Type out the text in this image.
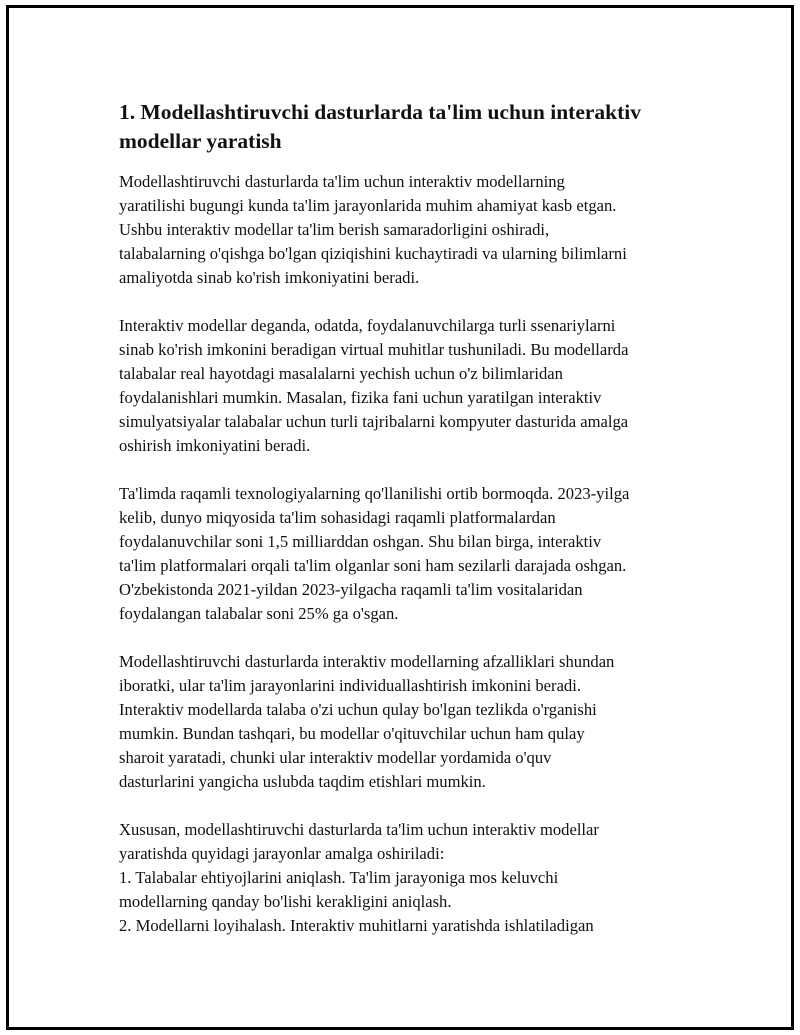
1. Modellashtiruvchi dasturlarda ta'lim uchun interaktiv
modellar yaratish
Modellashtiruvchi dasturlarda ta'lim uchun interaktiv modellarning
yaratilishi bugungi kunda ta'lim jarayonlarida muhim ahamiyat kasb etgan.
Ushbu interaktiv modellar ta'lim berish samaradorligini oshiradi,
talabalarning o'qishga bo'lgan qiziqishini kuchaytiradi va ularning bilimlarni
amaliyotda sinab ko'rish imkoniyatini beradi.
Interaktiv modellar deganda, odatda, foydalanuvchilarga turli ssenariylarni
sinab ko'rish imkonini beradigan virtual muhitlar tushuniladi. Bu modellarda
talabalar real hayotdagi masalalarni yechish uchun o'z bilimlaridan
foydalanishlari mumkin. Masalan, fizika fani uchun yaratilgan interaktiv
simulyatsiyalar talabalar uchun turli tajribalarni kompyuter dasturida amalga
oshirish imkoniyatini beradi.
Ta'limda raqamli texnologiyalarning qo'llanilishi ortib bormoqda. 2023-yilga
kelib, dunyo miqyosida ta'lim sohasidagi raqamli platformalardan
foydalanuvchilar soni 1,5 milliarddan oshgan. Shu bilan birga, interaktiv
ta'lim platformalari orqali ta'lim olganlar soni ham sezilarli darajada oshgan.
O'zbekistonda 2021-yildan 2023-yilgacha raqamli ta'lim vositalaridan
foydalangan talabalar soni 25% ga o'sgan.
Modellashtiruvchi dasturlarda interaktiv modellarning afzalliklari shundan
iboratki, ular ta'lim jarayonlarini individuallashtirish imkonini beradi.
Interaktiv modellarda talaba o'zi uchun qulay bo'lgan tezlikda o'rganishi
mumkin. Bundan tashqari, bu modellar o'qituvchilar uchun ham qulay
sharoit yaratadi, chunki ular interaktiv modellar yordamida o'quv
dasturlarini yangicha uslubda taqdim etishlari mumkin.
Xususan, modellashtiruvchi dasturlarda ta'lim uchun interaktiv modellar
yaratishda quyidagi jarayonlar amalga oshiriladi:
1. Talabalar ehtiyojlarini aniqlash. Ta'lim jarayoniga mos keluvchi
modellarning qanday bo'lishi kerakligini aniqlash.
2. Modellarni loyihalash. Interaktiv muhitlarni yaratishda ishlatiladigan
